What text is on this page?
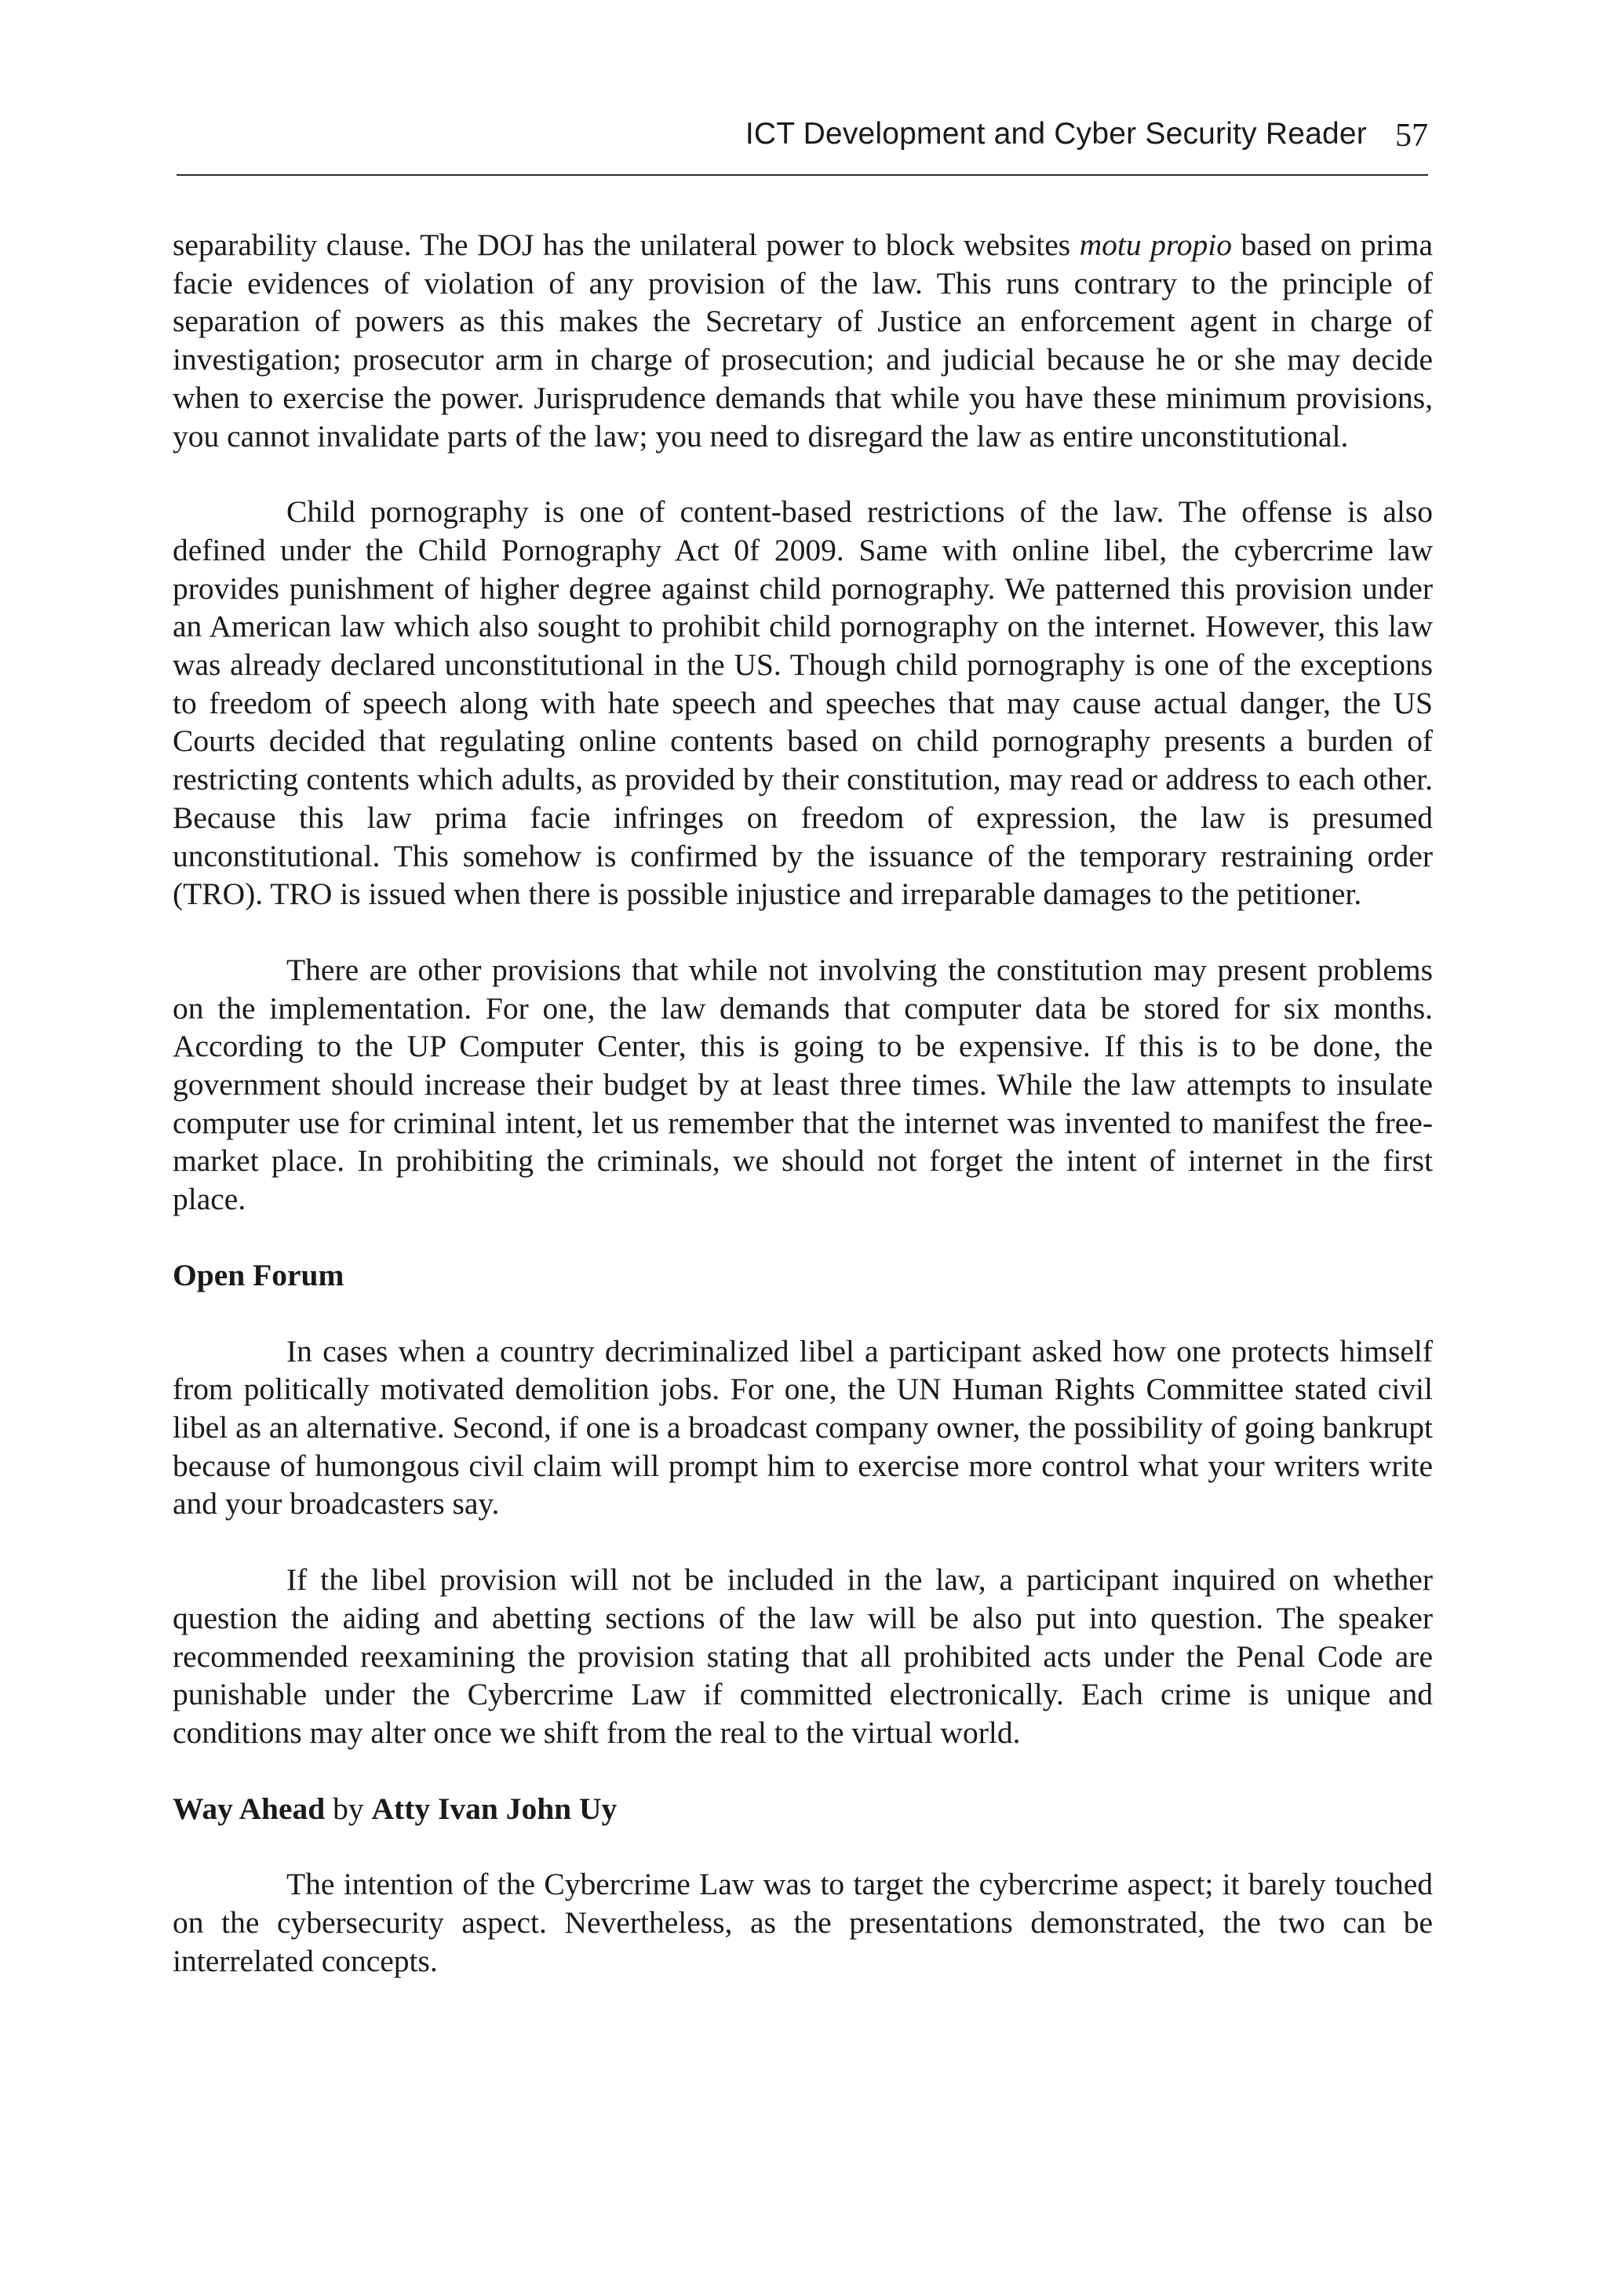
ICT Development and Cyber Security Reader 57

separability clause. The DOJ has the unilateral power to block websites motu propio based on prima facie evidences of violation of any provision of the law. This runs contrary to the principle of separation of powers as this makes the Secretary of Justice an enforcement agent in charge of investigation; prosecutor arm in charge of prosecution; and judicial because he or she may decide when to exercise the power. Jurisprudence demands that while you have these minimum provisions, you cannot invalidate parts of the law; you need to disregard the law as entire unconstitutional.

Child pornography is one of content-based restrictions of the law. The offense is also defined under the Child Pornography Act 0f 2009. Same with online libel, the cybercrime law provides punishment of higher degree against child pornography. We patterned this provision under an American law which also sought to prohibit child pornography on the internet. However, this law was already declared unconstitutional in the US. Though child pornography is one of the exceptions to freedom of speech along with hate speech and speeches that may cause actual danger, the US Courts decided that regulating online contents based on child pornography presents a burden of restricting contents which adults, as provided by their constitution, may read or address to each other. Because this law prima facie infringes on freedom of expression, the law is presumed unconstitutional. This somehow is confirmed by the issuance of the temporary restraining order (TRO). TRO is issued when there is possible injustice and irreparable damages to the petitioner.

There are other provisions that while not involving the constitution may present problems on the implementation. For one, the law demands that computer data be stored for six months. According to the UP Computer Center, this is going to be expensive. If this is to be done, the government should increase their budget by at least three times. While the law attempts to insulate computer use for criminal intent, let us remember that the internet was invented to manifest the free-market place. In prohibiting the criminals, we should not forget the intent of internet in the first place.

Open Forum

In cases when a country decriminalized libel a participant asked how one protects himself from politically motivated demolition jobs. For one, the UN Human Rights Committee stated civil libel as an alternative. Second, if one is a broadcast company owner, the possibility of going bankrupt because of humongous civil claim will prompt him to exercise more control what your writers write and your broadcasters say.

If the libel provision will not be included in the law, a participant inquired on whether question the aiding and abetting sections of the law will be also put into question. The speaker recommended reexamining the provision stating that all prohibited acts under the Penal Code are punishable under the Cybercrime Law if committed electronically. Each crime is unique and conditions may alter once we shift from the real to the virtual world.

Way Ahead by Atty Ivan John Uy

The intention of the Cybercrime Law was to target the cybercrime aspect; it barely touched on the cybersecurity aspect. Nevertheless, as the presentations demonstrated, the two can be interrelated concepts.
